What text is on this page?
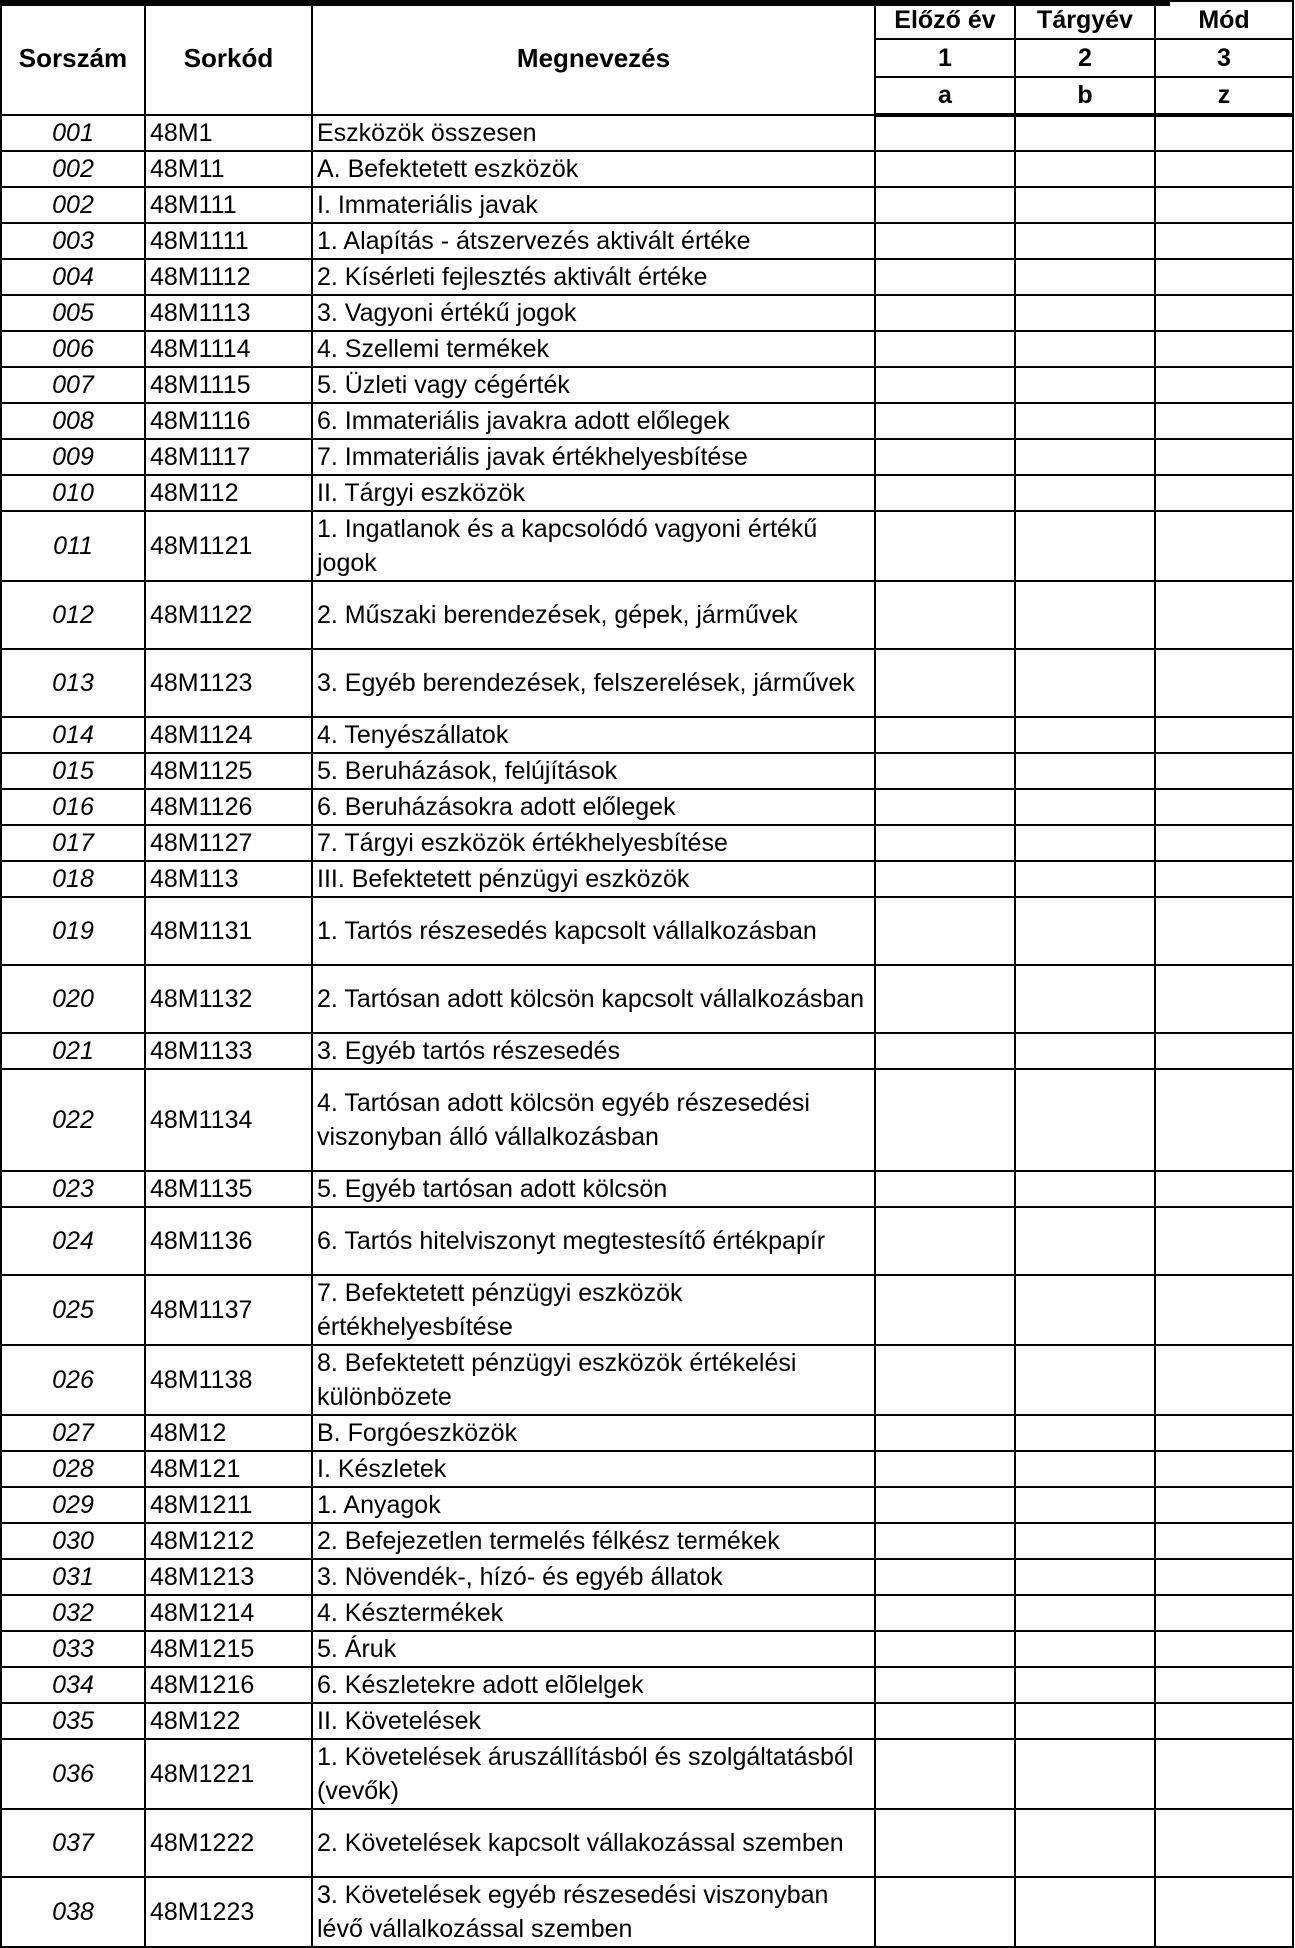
Sorszám	Sorkód	Megnevezés	Előző év	Tárgyév	Mód
			1	2	3
			a	b	z
001	48M1	Eszközök összesen			
002	48M11	A. Befektetett eszközök			
002	48M111	I. Immateriális javak			
003	48M1111	1. Alapítás - átszervezés aktivált értéke			
004	48M1112	2. Kísérleti fejlesztés aktivált értéke			
005	48M1113	3. Vagyoni értékű jogok			
006	48M1114	4. Szellemi termékek			
007	48M1115	5. Üzleti vagy cégérték			
008	48M1116	6. Immateriális javakra adott előlegek			
009	48M1117	7. Immateriális javak értékhelyesbítése			
010	48M112	II. Tárgyi eszközök			
011	48M1121	1. Ingatlanok és a kapcsolódó vagyoni értékű jogok			
012	48M1122	2. Műszaki berendezések, gépek, járművek			
013	48M1123	3. Egyéb berendezések, felszerelések, járművek			
014	48M1124	4. Tenyészállatok			
015	48M1125	5. Beruházások, felújítások			
016	48M1126	6. Beruházásokra adott előlegek			
017	48M1127	7. Tárgyi eszközök értékhelyesbítése			
018	48M113	III. Befektetett pénzügyi eszközök			
019	48M1131	1. Tartós részesedés kapcsolt vállalkozásban			
020	48M1132	2. Tartósan adott kölcsön kapcsolt vállalkozásban			
021	48M1133	3. Egyéb tartós részesedés			
022	48M1134	4. Tartósan adott kölcsön egyéb részesedési viszonyban álló vállalkozásban			
023	48M1135	5. Egyéb tartósan adott kölcsön			
024	48M1136	6. Tartós hitelviszonyt megtestesítő értékpapír			
025	48M1137	7. Befektetett pénzügyi eszközök értékhelyesbítése			
026	48M1138	8. Befektetett pénzügyi eszközök értékelési különbözete			
027	48M12	B. Forgóeszközök			
028	48M121	I. Készletek			
029	48M1211	1. Anyagok			
030	48M1212	2. Befejezetlen termelés félkész termékek			
031	48M1213	3. Növendék-, hízó- és egyéb állatok			
032	48M1214	4. Késztermékek			
033	48M1215	5. Áruk			
034	48M1216	6. Készletekre adott elõlelgek			
035	48M122	II. Követelések			
036	48M1221	1. Követelések áruszállításból és szolgáltatásból (vevők)			
037	48M1222	2. Követelések kapcsolt vállakozással szemben			
038	48M1223	3. Követelések egyéb részesedési viszonyban lévő vállalkozással szemben			
